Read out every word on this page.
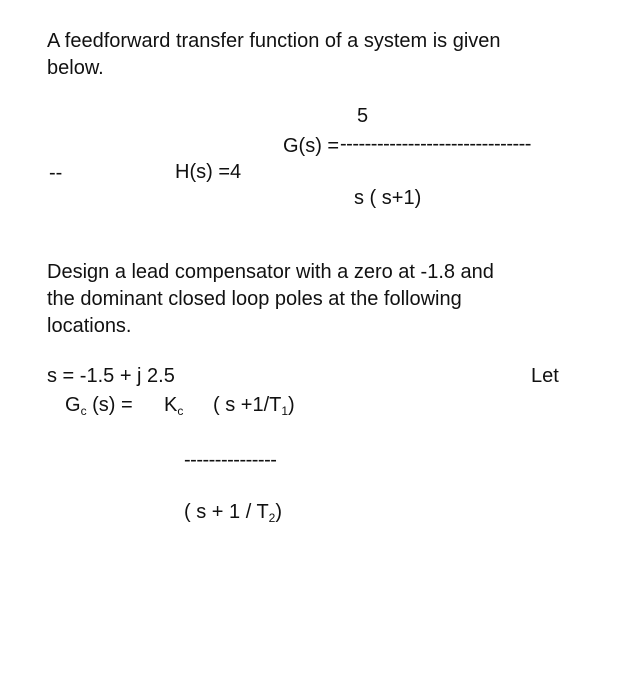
A feedforward transfer function of a system is given
below.
5
G(s) = -------------------------------
s ( s+1)
--	H(s) =4
Design a lead compensator with a zero at -1.8 and
the dominant closed loop poles at the following
locations.
s = -1.5 + j 2.5	Let
$G_c$ $(s) = K_c$ ( $s +1/T_1$)
---------------
( $s + 1 / T_2$)
